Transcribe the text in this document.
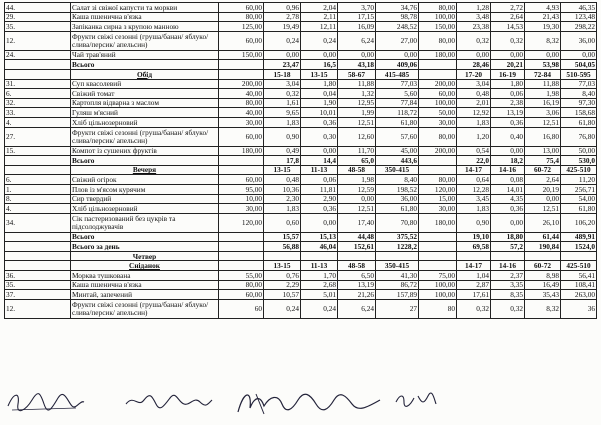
44.	Салат зі свіжої капусти та моркви	60,00	0,96	2,04	3,70	34,76	80,00	1,28	2,72	4,93	46,35
29.	Каша пшенична в'язка	80,00	2,78	2,11	17,15	98,78	100,00	3,48	2,64	21,43	123,48
35.	Запіканка сирна з крупою манною	125,00	19,49	12,11	16,09	248,52	150,00	23,38	14,53	19,30	298,22
12.	Фрукти свіжі сезонні (груша/банан/ яблуко/слива/персик/ апельсин)	60,00	0,24	0,24	6,24	27,00	80,00	0,32	0,32	8,32	36,00
24.	Чай трав'яний	150,00	0,00	0,00	0,00	0,00	180,00	0,00	0,00	0,00	0,00
	Всього		23,47	16,5	43,18	409,06		28,46	20,21	53,98	504,05
	Обід		15-18	13-15	58-67	415-485		17-20	16-19	72-84	510-595
31.	Суп квасолевий	200,00	3,04	1,80	11,88	77,03	200,00	3,04	1,80	11,88	77,03
6.	Свіжий томат	40,00	0,32	0,04	1,32	5,60	60,00	0,48	0,06	1,98	8,40
32.	Картопля відварна з маслом	80,00	1,61	1,90	12,95	77,84	100,00	2,01	2,38	16,19	97,30
33.	Гуляш м'ясний	40,00	9,65	10,01	1,99	118,72	50,00	12,92	13,19	3,06	158,68
4.	Хліб цільнозерновий	30,00	1,83	0,36	12,51	61,80	30,00	1,83	0,36	12,51	61,80
27.	Фрукти свіжі сезонні (груша/банан/ яблуко/слива/персик/ апельсин)	60,00	0,90	0,30	12,60	57,60	80,00	1,20	0,40	16,80	76,80
15.	Компот із сушених фруктів	180,00	0,49	0,00	11,70	45,00	200,00	0,54	0,00	13,00	50,00
	Всього		17,8	14,4	65,0	443,6		22,0	18,2	75,4	530,0
	Вечеря		13-15	11-13	48-58	350-415		14-17	14-16	60-72	425-510
6.	Свіжий огірок	60,00	0,48	0,06	1,98	8,40	80,00	0,64	0,08	2,64	11,20
1.	Плов із м'ясом курячим	95,00	10,36	11,81	12,59	198,52	120,00	12,28	14,01	20,19	256,71
8.	Сир твердий	10,00	2,30	2,90	0,00	36,00	15,00	3,45	4,35	0,00	54,00
4.	Хліб цільнозерновий	30,00	1,83	0,36	12,51	61,80	30,00	1,83	0,36	12,51	61,80
34.	Сік пастеризований без цукрів та підсолоджувачів	120,00	0,60	0,00	17,40	70,80	180,00	0,90	0,00	26,10	106,20
	Всього		15,57	15,13	44,48	375,52		19,10	18,80	61,44	489,91
	Всього за день		56,88	46,04	152,61	1228,2		69,58	57,2	190,84	1524,0
	Четвер										
	Сніданок		13-15	11-13	48-58	350-415		14-17	14-16	60-72	425-510
36.	Морква тушкована	55,00	0,76	1,70	6,50	41,30	75,00	1,04	2,37	8,98	56,41
35.	Каша пшенична в'язка	80,00	2,29	2,68	13,19	86,72	100,00	2,87	3,35	16,49	108,41
37.	Минтай, запечений	60,00	10,57	5,01	21,26	157,89	100,00	17,61	8,35	35,43	263,00
12.	Фрукти свіжі сезонні (груша/банан/ яблуко/слива/персик/ апельсин)	60	0,24	0,24	6,24	27	80	0,32	0,32	8,32	36
